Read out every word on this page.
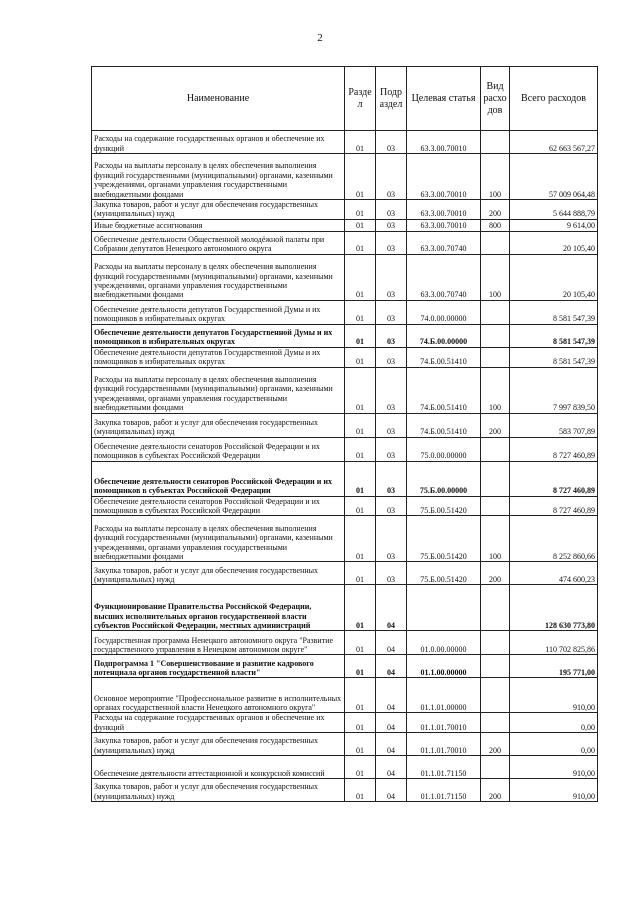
2
Наименование	Разде л	Подр аздел	Целевая статья	Вид расхо дов	Всего расходов
Расходы на содержание государственных органов и обеспечение их функций	01	03	63.3.00.70010		62 663 567,27
Расходы на выплаты персоналу в целях обеспечения выполнения функций государственными (муниципальными) органами, казенными учреждениями, органами управления государственными внебюджетными фондами	01	03	63.3.00.70010	100	57 009 064,48
Закупка товаров, работ и услуг для обеспечения государственных (муниципальных) нужд	01	03	63.3.00.70010	200	5 644 888,79
Иные бюджетные ассигнования	01	03	63.3.00.70010	800	9 614,00
Обеспечение деятельности Общественной молодёжной палаты при Собрании депутатов Ненецкого автономного округа	01	03	63.3.00.70740		20 105,40
Расходы на выплаты персоналу в целях обеспечения выполнения функций государственными (муниципальными) органами, казенными учреждениями, органами управления государственными внебюджетными фондами	01	03	63.3.00.70740	100	20 105,40
Обеспечение деятельности депутатов Государственной Думы и их помощников в избирательных округах	01	03	74.0.00.00000		8 581 547,39
Обеспечение деятельности депутатов Государственной Думы и их помощников в избирательных округах	01	03	74.Б.00.00000		8 581 547,39
Обеспечение деятельности депутатов Государственной Думы и их помощников в избирательных округах	01	03	74.Б.00.51410		8 581 547,39
Расходы на выплаты персоналу в целях обеспечения выполнения функций государственными (муниципальными) органами, казенными учреждениями, органами управления государственными внебюджетными фондами	01	03	74.Б.00.51410	100	7 997 839,50
Закупка товаров, работ и услуг для обеспечения государственных (муниципальных) нужд	01	03	74.Б.00.51410	200	583 707,89
Обеспечение деятельности сенаторов Российской Федерации и их помощников в субъектах Российской Федерации	01	03	75.0.00.00000		8 727 460,89
Обеспечение деятельности сенаторов Российской Федерации и их помощников в субъектах Российской Федерации	01	03	75.Б.00.00000		8 727 460,89
Обеспечение деятельности сенаторов Российской Федерации и их помощников в субъектах Российской Федерации	01	03	75.Б.00.51420		8 727 460,89
Расходы на выплаты персоналу в целях обеспечения выполнения функций государственными (муниципальными) органами, казенными учреждениями, органами управления государственными внебюджетными фондами	01	03	75.Б.00.51420	100	8 252 860,66
Закупка товаров, работ и услуг для обеспечения государственных (муниципальных) нужд	01	03	75.Б.00.51420	200	474 600,23
Функционирование Правительства Российской Федерации, высших исполнительных органов государственной власти субъектов Российской Федерации, местных администраций	01	04			128 630 773,80
Государственная программа Ненецкого автономного округа "Развитие государственного управления в Ненецком автономном округе"	01	04	01.0.00.00000		110 702 825,86
Подпрограмма 1 "Совершенствование и развитие кадрового потенциала органов государственной власти"	01	04	01.1.00.00000		195 771,00
Основное мероприятие "Профессиональное развитие в исполнительных органах государственной власти Ненецкого автономного округа"	01	04	01.1.01.00000		910,00
Расходы на содержание государственных органов и обеспечение их функций	01	04	01.1.01.70010		0,00
Закупка товаров, работ и услуг для обеспечения государственных (муниципальных) нужд	01	04	01.1.01.70010	200	0,00
Обеспечение деятельности аттестационной и конкурсной комиссий	01	04	01.1.01.71150		910,00
Закупка товаров, работ и услуг для обеспечения государственных (муниципальных) нужд	01	04	01.1.01.71150	200	910,00
